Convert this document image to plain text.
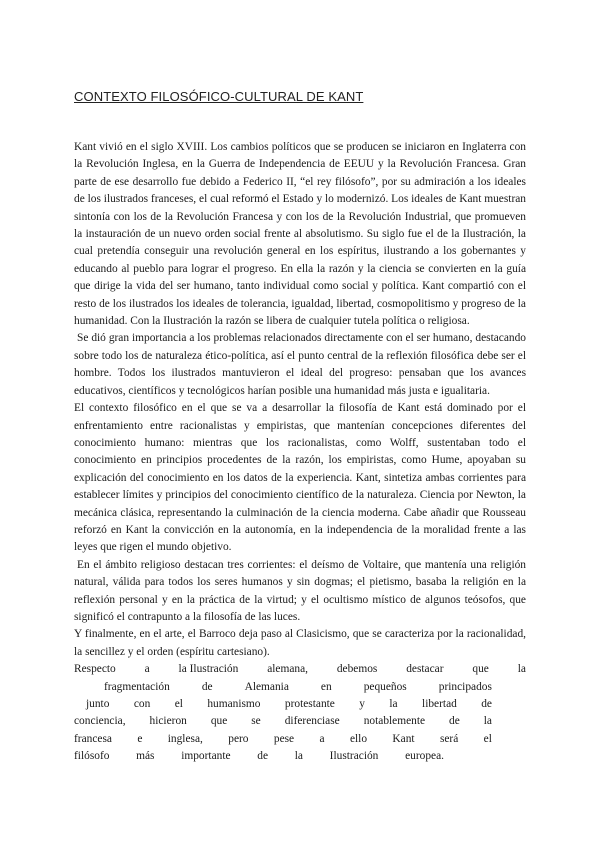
CONTEXTO FILOSÓFICO-CULTURAL DE KANT

Kant vivió en el siglo XVIII. Los cambios políticos que se producen se iniciaron en Inglaterra con la Revolución Inglesa, en la Guerra de Independencia de EEUU y la Revolución Francesa. Gran parte de ese desarrollo fue debido a Federico II, “el rey filósofo”, por su admiración a los ideales de los ilustrados franceses, el cual reformó el Estado y lo modernizó. Los ideales de Kant muestran sintonía con los de la Revolución Francesa y con los de la Revolución Industrial, que promueven la instauración de un nuevo orden social frente al absolutismo. Su siglo fue el de la Ilustración, la cual pretendía conseguir una revolución general en los espíritus, ilustrando a los gobernantes y educando al pueblo para lograr el progreso. En ella la razón y la ciencia se convierten en la guía que dirige la vida del ser humano, tanto individual como social y política. Kant compartió con el resto de los ilustrados los ideales de tolerancia, igualdad, libertad, cosmopolitismo y progreso de la humanidad. Con la Ilustración la razón se libera de cualquier tutela política o religiosa.

Se dió gran importancia a los problemas relacionados directamente con el ser humano, destacando sobre todo los de naturaleza ético-política, así el punto central de la reflexión filosófica debe ser el hombre. Todos los ilustrados mantuvieron el ideal del progreso: pensaban que los avances educativos, científicos y tecnológicos harían posible una humanidad más justa e igualitaria.

El contexto filosófico en el que se va a desarrollar la filosofía de Kant está dominado por el enfrentamiento entre racionalistas y empiristas, que mantenían concepciones diferentes del conocimiento humano: mientras que los racionalistas, como Wolff, sustentaban todo el conocimiento en principios procedentes de la razón, los empiristas, como Hume, apoyaban su explicación del conocimiento en los datos de la experiencia. Kant, sintetiza ambas corrientes para establecer límites y principios del conocimiento científico de la naturaleza. Ciencia por Newton, la mecánica clásica, representando la culminación de la ciencia moderna. Cabe añadir que Rousseau reforzó en Kant la convicción en la autonomía, en la independencia de la moralidad frente a las leyes que rigen el mundo objetivo.

En el ámbito religioso destacan tres corrientes: el deísmo de Voltaire, que mantenía una religión natural, válida para todos los seres humanos y sin dogmas; el pietismo, basaba la religión en la reflexión personal y en la práctica de la virtud; y el ocultismo místico de algunos teósofos, que significó el contrapunto a la filosofía de las luces.

Y finalmente, en el arte, el Barroco deja paso al Clasicismo, que se caracteriza por la racionalidad, la sencillez y el orden (espíritu cartesiano).

Respecto	a	la Ilustración	alemana,	debemos	destacar	que	la
fragmentación	de	Alemania	en	pequeños	principados
junto con el humanismo protestante y la libertad de
conciencia, hicieron que se diferenciase notablemente de la
francesa e inglesa, pero pese a ello Kant será el
filósofo más importante de la Ilustración europea.
